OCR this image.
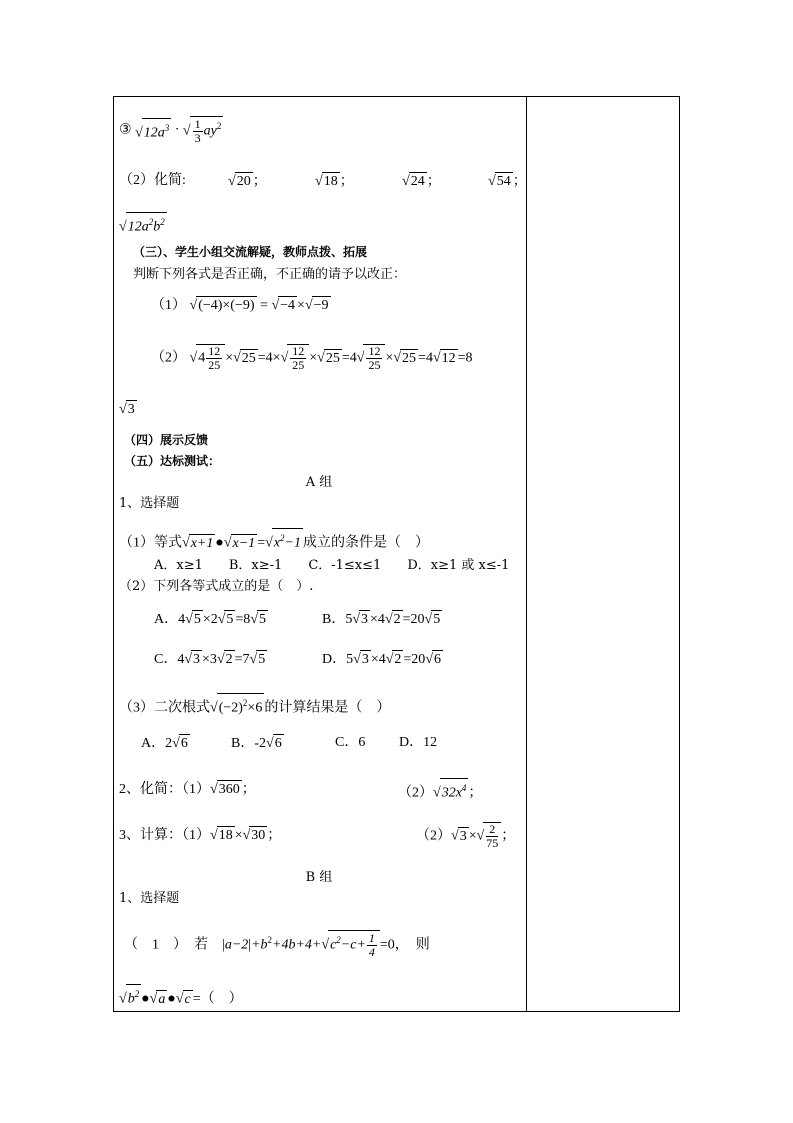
③ $√12a^3$ · √ $\frac{1}{3} ay^2$
（2）化简:	√20 ；	√18 ；	√24 ；	√54 ；
$√12a^2b^2$
（三）、学生小组交流解疑，教师点拨、拓展
判断下列各式是否正确，不正确的请予以改正：
（1） √(−4)×(−9) = √−4 ×√−9
（2） $√4 \frac{12}{25} \times√25 =4\times√ \frac{12}{25} \times√25 =4√ \frac{12}{25} \times√25 =4√12 =8$
√3
（四）展示反馈
（五）达标测试：
A 组
1、选择题
（1）等式√x+1 ●√x−1 $=√x^2-1$ 成立的条件是（　）
A．x≥1　　B．x≥-1　　C．-1≤x≤1　　D．x≥1 或 x≤-1
（2）下列各等式成立的是（　）.
A．4√5 ×2√5 =8√5	B．5√3 ×4√2 =20√5
C．4√3 ×3√2 =7√5	D．5√3 ×4√2 =20√6
（3）二次根式$√(-2)^2\times 6$ 的计算结果是（　）
A．2√6	B．-2√6	C．6 D．12
2、化简：（1）√360 ；	$(2)√32x^4$ ；
3、计算：（1）√18 ×√30 ；	（2）√3 ×√ $\frac{2}{75}$ ；
B 组
1、选择题
（　1　）　若　$|a-2|+b^2+4b+4+√c^2-c+ \frac{1}{4} =0$，　则
$√b^2$ ●√a ●√c =（　）
